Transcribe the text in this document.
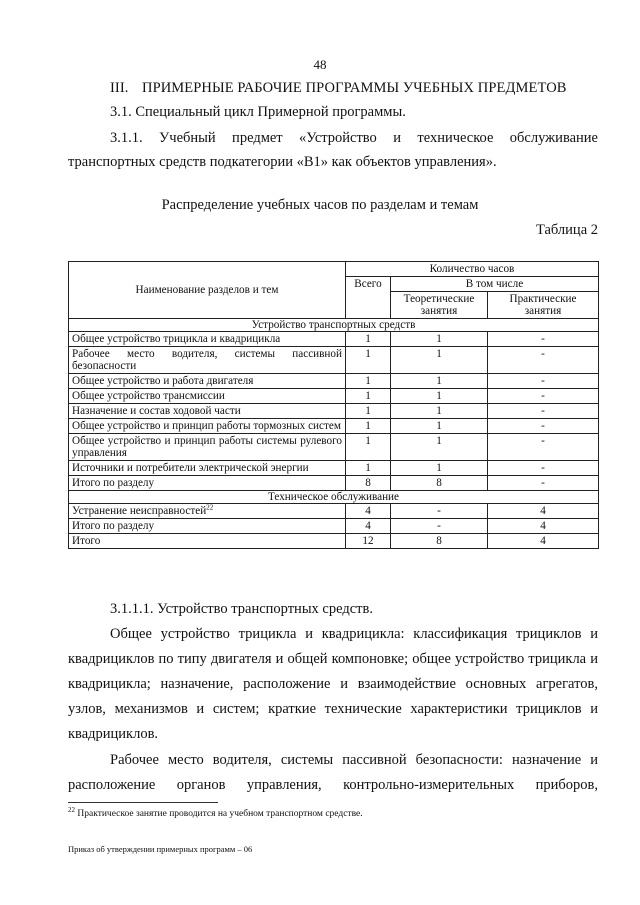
48
III. ПРИМЕРНЫЕ РАБОЧИЕ ПРОГРАММЫ УЧЕБНЫХ ПРЕДМЕТОВ
3.1. Специальный цикл Примерной программы.
3.1.1. Учебный предмет «Устройство и техническое обслуживание
транспортных средств подкатегории «В1» как объектов управления».
Распределение учебных часов по разделам и темам
Таблица 2
Наименование разделов и тем	Количество часов		
	Всего	В том числе	
		Теоретические занятия	Практические занятия
Устройство транспортных средств			
Общее устройство трицикла и квадрицикла	1	1	-
Рабочее место водителя, системы пассивной безопасности	1	1	-
Общее устройство и работа двигателя	1	1	-
Общее устройство трансмиссии	1	1	-
Назначение и состав ходовой части	1	1	-
Общее устройство и принцип работы тормозных систем	1	1	-
Общее устройство и принцип работы системы рулевого управления	1	1	-
Источники и потребители электрической энергии	1	1	-
Итого по разделу	8	8	-
Техническое обслуживание			
Устранение неисправностей$^{22}$	4	-	4
Итого по разделу	4	-	4
Итого	12	8	4
3.1.1.1. Устройство транспортных средств.
Общее устройство трицикла и квадрицикла: классификация трициклов и
квадрициклов по типу двигателя и общей компоновке; общее устройство трицикла и
квадрицикла; назначение, расположение и взаимодействие основных агрегатов,
узлов, механизмов и систем; краткие технические характеристики трициклов и
квадрициклов.
Рабочее место водителя, системы пассивной безопасности: назначение и
расположение органов управления, контрольно-измерительных приборов,
$^{22}$ Практическое занятие проводится на учебном транспортном средстве.
Приказ об утверждении примерных программ – 06
